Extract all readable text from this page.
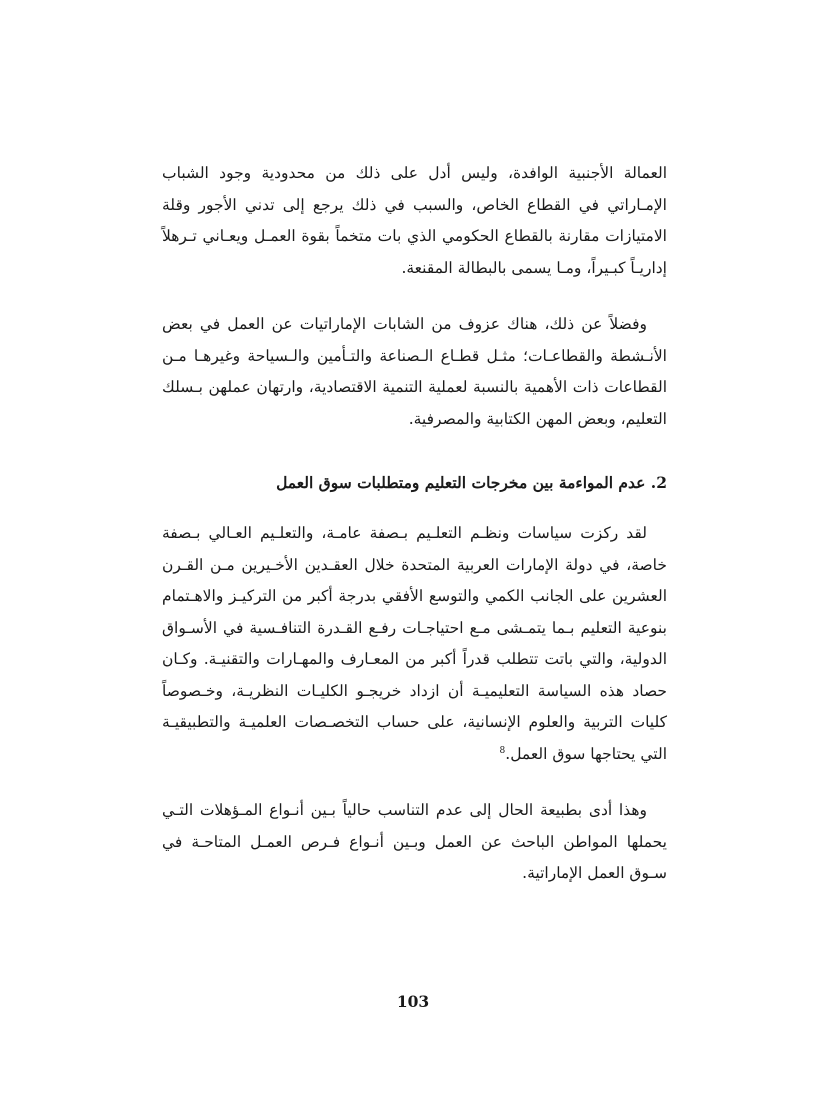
العمالة الأجنبية الوافدة، وليس أدل على ذلك من محدودية وجود الشباب الإمـاراتي في القطاع الخاص، والسبب في ذلك يرجع إلى تدني الأجور وقلة الامتيازات مقارنة بالقطاع الحكومي الذي بات متخماً بقوة العمـل ويعـاني تـرهلاً إداريـاً كبـيراً، ومـا يسمى بالبطالة المقنعة.

وفضلاً عن ذلك، هناك عزوف من الشابات الإماراتيات عن العمل في بعض الأنـشطة والقطاعـات؛ مثـل قطـاع الـصناعة والتـأمين والـسياحة وغيرهـا مـن القطاعات ذات الأهمية بالنسبة لعملية التنمية الاقتصادية، وارتهان عملهن بـسلك التعليم، وبعض المهن الكتابية والمصرفية.

2. عدم المواءمة بين مخرجات التعليم ومتطلبات سوق العمل

لقد ركزت سياسات ونظـم التعلـيم بـصفة عامـة، والتعلـيم العـالي بـصفة خاصة، في دولة الإمارات العربية المتحدة خلال العقـدين الأخـيرين مـن القـرن العشرين على الجانب الكمي والتوسع الأفقي بدرجة أكبر من التركيـز والاهـتمام بنوعية التعليم بـما يتمـشى مـع احتياجـات رفـع القـدرة التنافـسية في الأسـواق الدولية، والتي باتت تتطلب قدراً أكبر من المعـارف والمهـارات والتقنيـة. وكـان حصاد هذه السياسة التعليميـة أن ازداد خريجـو الكليـات النظريـة، وخـصوصاً كليات التربية والعلوم الإنسانية، على حساب التخصـصات العلميـة والتطبيقيـة التي يحتاجها سوق العمل.$^8$

وهذا أدى بطبيعة الحال إلى عدم التناسب حالياً بـين أنـواع المـؤهلات التـي يحملها المواطن الباحث عن العمل وبـين أنـواع فـرص العمـل المتاحـة في سـوق العمل الإماراتية.

103
